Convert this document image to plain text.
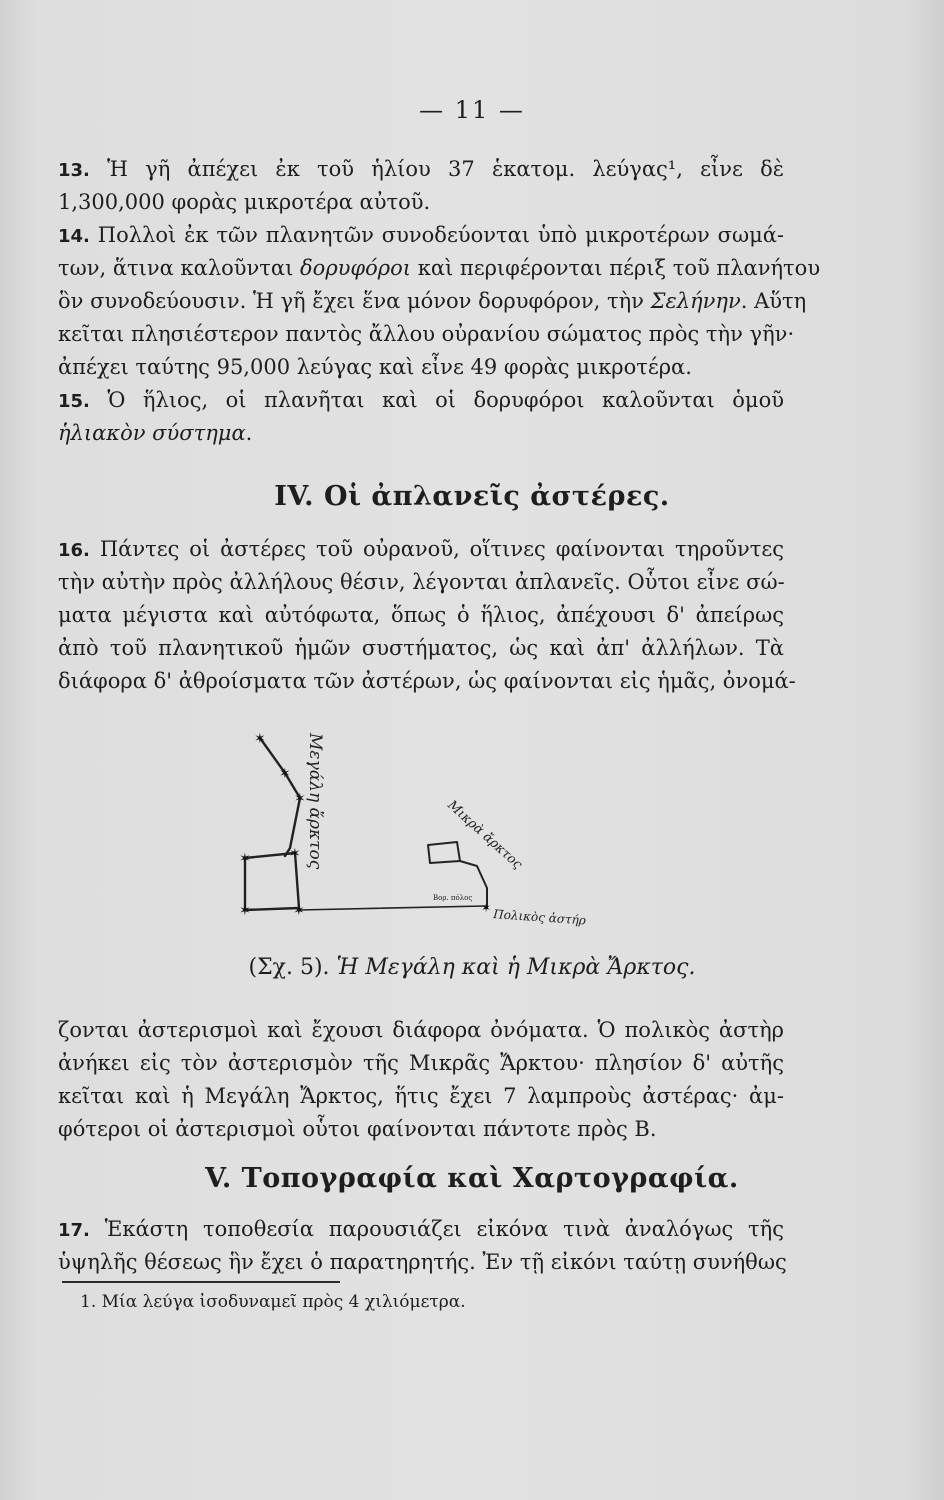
— 11 —
13. Ἡ γῆ ἀπέχει ἐκ τοῦ ἡλίου 37 ἑκατομ. λεύγας¹, εἶνε δὲ
1,300,000 φορὰς μικροτέρα αὐτοῦ.
14. Πολλοὶ ἐκ τῶν πλανητῶν συνοδεύονται ὑπὸ μικροτέρων σωμά-
των, ἅτινα καλοῦνται δορυφόροι καὶ περιφέρονται πέριξ τοῦ πλανήτου
ὃν συνοδεύουσιν. Ἡ γῆ ἔχει ἕνα μόνον δορυφόρον, τὴν Σελήνην. Αὕτη
κεῖται πλησιέστερον παντὸς ἄλλου οὐρανίου σώματος πρὸς τὴν γῆν·
ἀπέχει ταύτης 95,000 λεύγας καὶ εἶνε 49 φορὰς μικροτέρα.
15. Ὁ ἥλιος, οἱ πλανῆται καὶ οἱ δορυφόροι καλοῦνται ὁμοῦ
ἡλιακὸν σύστημα.
IV. Οἱ ἀπλανεῖς ἀστέρες.
16. Πάντες οἱ ἀστέρες τοῦ οὐρανοῦ, οἵτινες φαίνονται τηροῦντες
τὴν αὐτὴν πρὸς ἀλλήλους θέσιν, λέγονται ἀπλανεῖς. Οὗτοι εἶνε σώ-
ματα μέγιστα καὶ αὐτόφωτα, ὅπως ὁ ἥλιος, ἀπέχουσι δ' ἀπείρως
ἀπὸ τοῦ πλανητικοῦ ἡμῶν συστήματος, ὡς καὶ ἀπ' ἀλλήλων. Τὰ
διάφορα δ' ἀθροίσματα τῶν ἀστέρων, ὡς φαίνονται εἰς ἡμᾶς, ὀνομά-
✶
✶
✶
✶	✶
✶
✶	✶
Μεγάλη ἄρκτος	Μικρὰ ἄρκτος
Βορ. πόλος
Πολικὸς ἀστήρ
(Σχ. 5). Ἡ Μεγάλη καὶ ἡ Μικρὰ Ἄρκτος.
ζονται ἀστερισμοὶ καὶ ἔχουσι διάφορα ὀνόματα. Ὁ πολικὸς ἀστὴρ
ἀνήκει εἰς τὸν ἀστερισμὸν τῆς Μικρᾶς Ἄρκτου· πλησίον δ' αὐτῆς
κεῖται καὶ ἡ Μεγάλη Ἄρκτος, ἥτις ἔχει 7 λαμπροὺς ἀστέρας· ἀμ-
φότεροι οἱ ἀστερισμοὶ οὗτοι φαίνονται πάντοτε πρὸς Β.
V. Τοπογραφία καὶ Χαρτογραφία.
17. Ἑκάστη τοποθεσία παρουσιάζει εἰκόνα τινὰ ἀναλόγως τῆς
ὑψηλῆς θέσεως ἣν ἔχει ὁ παρατηρητής. Ἐν τῇ εἰκόνι ταύτῃ συνήθως
1. Μία λεύγα ἰσοδυναμεῖ πρὸς 4 χιλιόμετρα.
